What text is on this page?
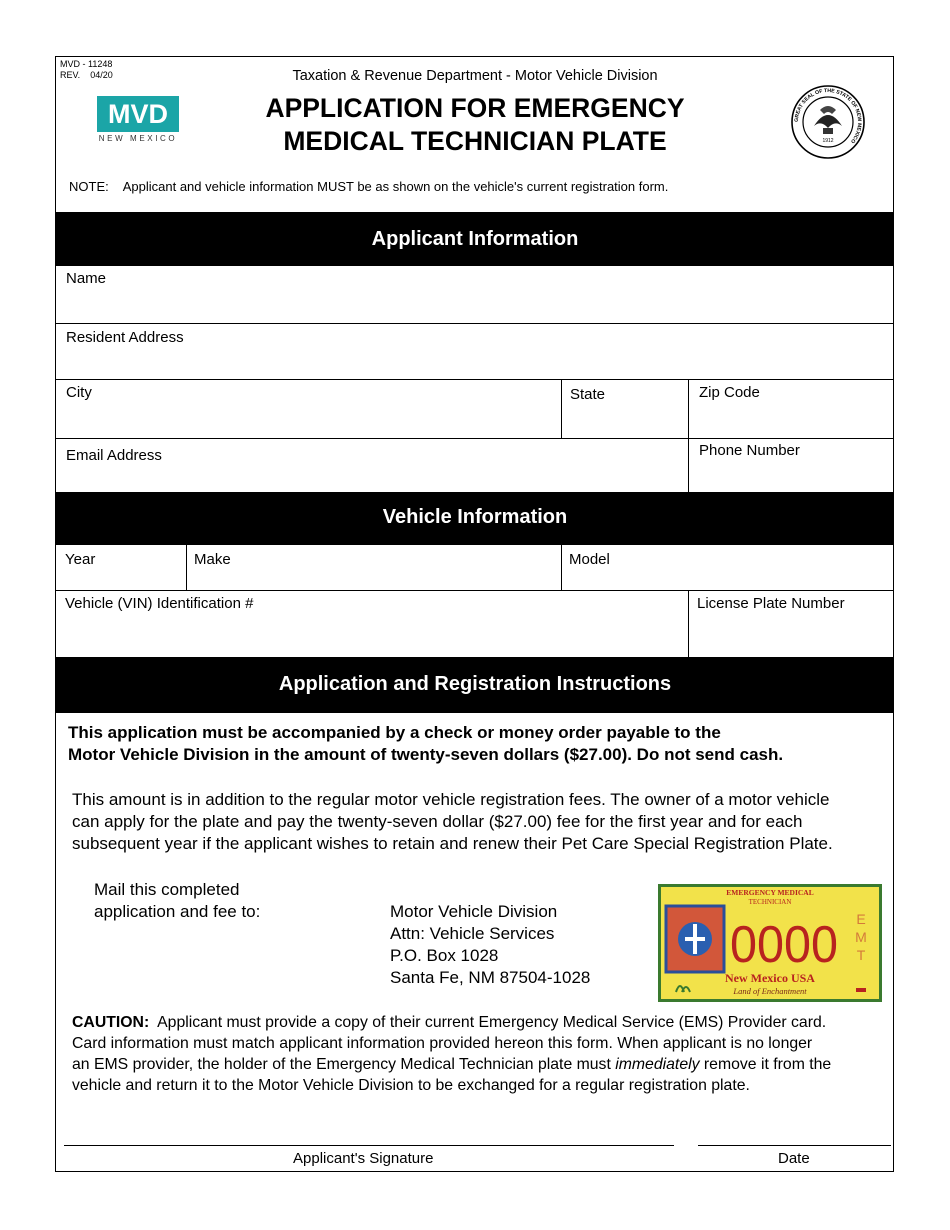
MVD - 11248
REV. 04/20
MVD
NEW MEXICO
Taxation & Revenue Department - Motor Vehicle Division
APPLICATION FOR EMERGENCY
MEDICAL TECHNICIAN PLATE
GREAT SEAL OF THE STATE OF NEW MEXICO
1912
NOTE: Applicant and vehicle information MUST be as shown on the vehicle's current registration form.
Applicant Information
Name
Resident Address
City	State	Zip Code
Email Address	Phone Number
Vehicle Information
Year	Make	Model
Vehicle (VIN) Identification #	License Plate Number
Application and Registration Instructions
This application must be accompanied by a check or money order payable to the
Motor Vehicle Division in the amount of twenty-seven dollars ($27.00). Do not send cash.
This amount is in addition to the regular motor vehicle registration fees. The owner of a motor vehicle
can apply for the plate and pay the twenty-seven dollar ($27.00) fee for the first year and for each
subsequent year if the applicant wishes to retain and renew their Pet Care Special Registration Plate.
Mail this completed
application and fee to:	Motor Vehicle Division
Attn: Vehicle Services
P.O. Box 1028
Santa Fe, NM 87504-1028
EMERGENCY MEDICAL
TECHNICIAN
0000 E
M
T
New Mexico USA
Land of Enchantment
CAUTION: Applicant must provide a copy of their current Emergency Medical Service (EMS) Provider card.
Card information must match applicant information provided hereon this form. When applicant is no longer
an EMS provider, the holder of the Emergency Medical Technician plate must immediately remove it from the
vehicle and return it to the Motor Vehicle Division to be exchanged for a regular registration plate.
Applicant's Signature	Date
